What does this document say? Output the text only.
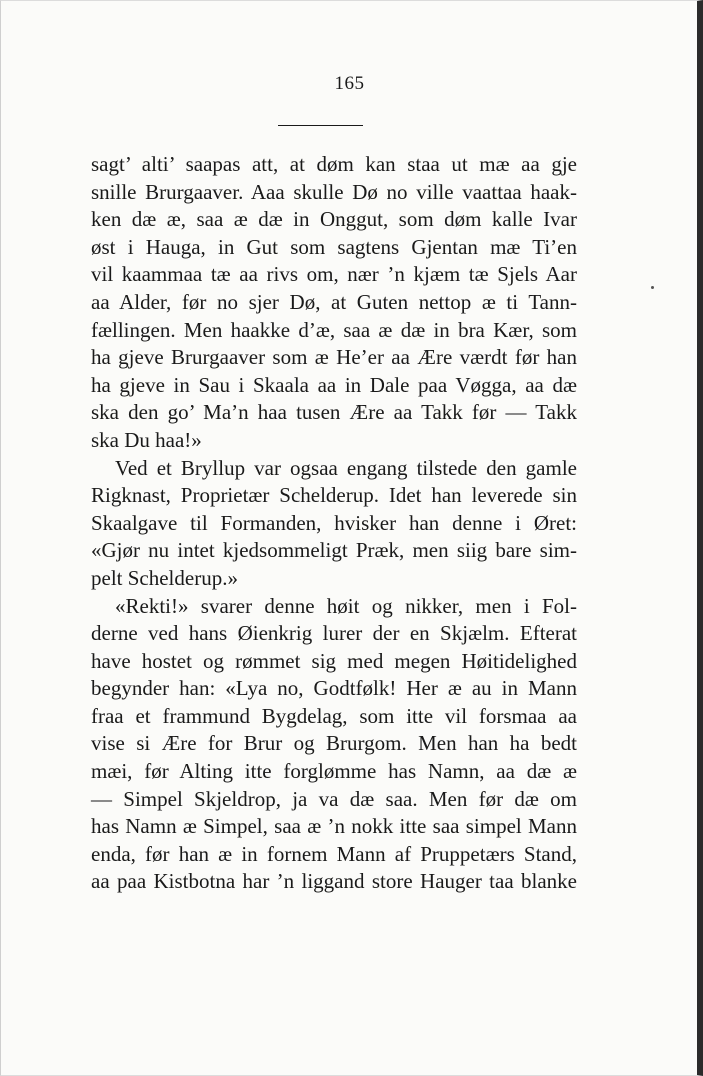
165
sagt’ alti’ saapas att, at døm kan staa ut mæ aa gje
snille Brurgaaver. Aaa skulle Dø no ville vaattaa haak-
ken dæ æ, saa æ dæ in Onggut, som døm kalle Ivar
øst i Hauga, in Gut som sagtens Gjentan mæ Ti’en
vil kaammaa tæ aa rivs om, nær ’n kjæm tæ Sjels Aar
aa Alder, før no sjer Dø, at Guten nettop æ ti Tann-
fællingen. Men haakke d’æ, saa æ dæ in bra Kær, som
ha gjeve Brurgaaver som æ He’er aa Ære værdt før han
ha gjeve in Sau i Skaala aa in Dale paa Vøgga, aa dæ
ska den go’ Ma’n haa tusen Ære aa Takk før — Takk
ska Du haa!»
Ved et Bryllup var ogsaa engang tilstede den gamle
Rigknast, Proprietær Schelderup. Idet han leverede sin
Skaalgave til Formanden, hvisker han denne i Øret:
«Gjør nu intet kjedsommeligt Præk, men siig bare sim-
pelt Schelderup.»
«Rekti!» svarer denne høit og nikker, men i Fol-
derne ved hans Øienkrig lurer der en Skjælm. Efterat
have hostet og rømmet sig med megen Høitidelighed
begynder han: «Lya no, Godtfølk! Her æ au in Mann
fraa et frammund Bygdelag, som itte vil forsmaa aa
vise si Ære for Brur og Brurgom. Men han ha bedt
mæi, før Alting itte forglømme has Namn, aa dæ æ
— Simpel Skjeldrop, ja va dæ saa. Men før dæ om
has Namn æ Simpel, saa æ ’n nokk itte saa simpel Mann
enda, før han æ in fornem Mann af Pruppetærs Stand,
aa paa Kistbotna har ’n liggand store Hauger taa blanke
